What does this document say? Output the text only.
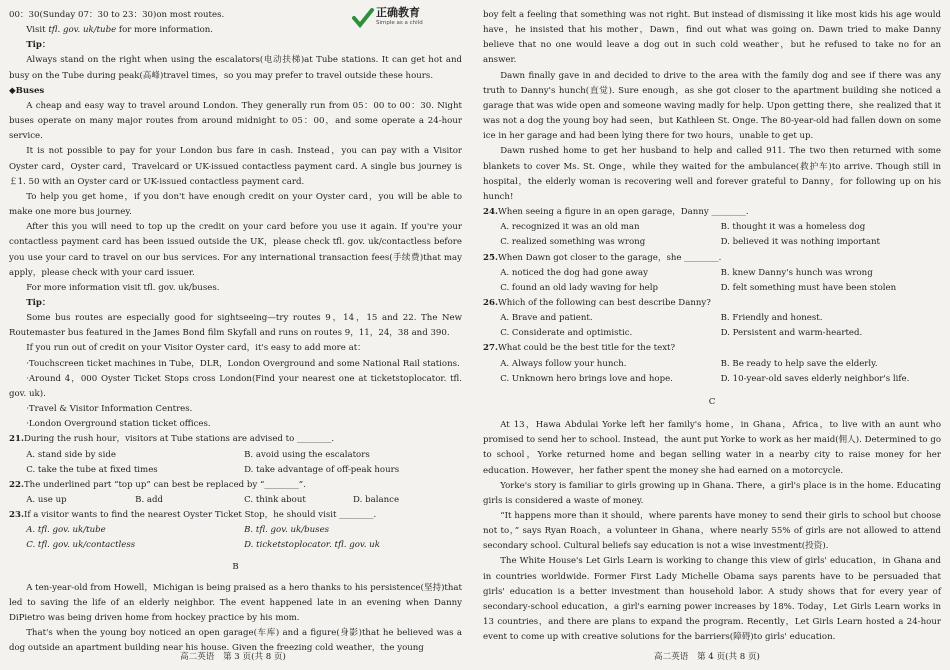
00：30(Sunday 07：30 to 23：30)on most routes.

Visit tfl. gov. uk/tube for more information.

Tip：

Always stand on the right when using the escalators(电动扶梯)at Tube stations. It can get hot and busy on the Tube during peak(高峰)travel times，so you may prefer to travel outside these hours.

◆Buses

A cheap and easy way to travel around London. They generally run from 05：00 to 00：30. Night buses operate on many major routes from around midnight to 05：00，and some operate a 24-hour service.

It is not possible to pay for your London bus fare in cash. Instead，you can pay with a Visitor Oyster card，Oyster card，Travelcard or UK-issued contactless payment card. A single bus journey is ￡1. 50 with an Oyster card or UK-issued contactless payment card.

To help you get home，if you don't have enough credit on your Oyster card，you will be able to make one more bus journey.

After this you will need to top up the credit on your card before you use it again. If you're your contactless payment card has been issued outside the UK，please check tfl. gov. uk/contactless before you use your card to travel on our bus services. For any international transaction fees(手续费)that may apply，please check with your card issuer.

For more information visit tfl. gov. uk/buses.

Tip：

Some bus routes are especially good for sightseeing—try routes 9，14，15 and 22. The New Routemaster bus featured in the James Bond film Skyfall and runs on routes 9，11，24，38 and 390.

If you run out of credit on your Visitor Oyster card，it's easy to add more at：

·Touchscreen ticket machines in Tube，DLR，London Overground and some National Rail stations.

·Around 4，000 Oyster Ticket Stops cross London(Find your nearest one at ticketstoplocator. tfl. gov. uk).

·Travel & Visitor Information Centres.

·London Overground station ticket offices.

21.During the rush hour，visitors at Tube stations are advised to ________.

A. stand side by side	B. avoid using the escalators
C. take the tube at fixed times	D. take advantage of off-peak hours

22.The underlined part “top up” can best be replaced by “________”.

A. use up	B. add	C. think about	D. balance

23.If a visitor wants to find the nearest Oyster Ticket Stop，he should visit ________.

A. tfl. gov. uk/tube	B. tfl. gov. uk/buses
C. tfl. gov. uk/contactless	D. ticketstoplocator. tfl. gov. uk

B

A ten-year-old from Howell，Michigan is being praised as a hero thanks to his persistence(坚持)that led to saving the life of an elderly neighbor. The event happened late in an evening when Danny DiPietro was being driven home from hockey practice by his mom.

That's when the young boy noticed an open garage(车库) and a figure(身影)that he believed was a dog outside an apartment building near his house. Given the freezing cold weather，the young

正确教育
Simple as a child

boy felt a feeling that something was not right. But instead of dismissing it like most kids his age would have，he insisted that his mother，Dawn，find out what was going on. Dawn tried to make Danny believe that no one would leave a dog out in such cold weather，but he refused to take no for an answer.

Dawn finally gave in and decided to drive to the area with the family dog and see if there was any truth to Danny's hunch(直觉). Sure enough，as she got closer to the apartment building she noticed a garage that was wide open and someone waving madly for help. Upon getting there，she realized that it was not a dog the young boy had seen，but Kathleen St. Onge. The 80-year-old had fallen down on some ice in her garage and had been lying there for two hours，unable to get up.

Dawn rushed home to get her husband to help and called 911. The two then returned with some blankets to cover Ms. St. Onge，while they waited for the ambulance(救护车)to arrive. Though still in hospital，the elderly woman is recovering well and forever grateful to Danny，for following up on his hunch!

24.When seeing a figure in an open garage，Danny ________.

A. recognized it was an old man	B. thought it was a homeless dog
C. realized something was wrong	D. believed it was nothing important

25.When Dawn got closer to the garage，she ________.

A. noticed the dog had gone away	B. knew Danny's hunch was wrong
C. found an old lady waving for help	D. felt something must have been stolen

26.Which of the following can best describe Danny?

A. Brave and patient.	B. Friendly and honest.
C. Considerate and optimistic.	D. Persistent and warm-hearted.

27.What could be the best title for the text?

A. Always follow your hunch.	B. Be ready to help save the elderly.
C. Unknown hero brings love and hope.	D. 10-year-old saves elderly neighbor's life.

C

At 13，Hawa Abdulai Yorke left her family's home，in Ghana，Africa，to live with an aunt who promised to send her to school. Instead，the aunt put Yorke to work as her maid(佣人). Determined to go to school，Yorke returned home and began selling water in a nearby city to raise money for her education. However，her father spent the money she had earned on a motorcycle.

Yorke's story is familiar to girls growing up in Ghana. There，a girl's place is in the home. Educating girls is considered a waste of money.

“It happens more than it should，where parents have money to send their girls to school but choose not to，” says Ryan Roach，a volunteer in Ghana，where nearly 55% of girls are not allowed to attend secondary school. Cultural beliefs say education is not a wise investment(投资).

The White House's Let Girls Learn is working to change this view of girls' education，in Ghana and in countries worldwide. Former First Lady Michelle Obama says parents have to be persuaded that girls' education is a better investment than household labor. A study shows that for every year of secondary-school education，a girl's earning power increases by 18%. Today，Let Girls Learn works in 13 countries，and there are plans to expand the program. Recently，Let Girls Learn hosted a 24-hour event to come up with creative solutions for the barriers(障碍)to girls' education.

高二英语　第 3 页(共 8 页)	高二英语　第 4 页(共 8 页)
